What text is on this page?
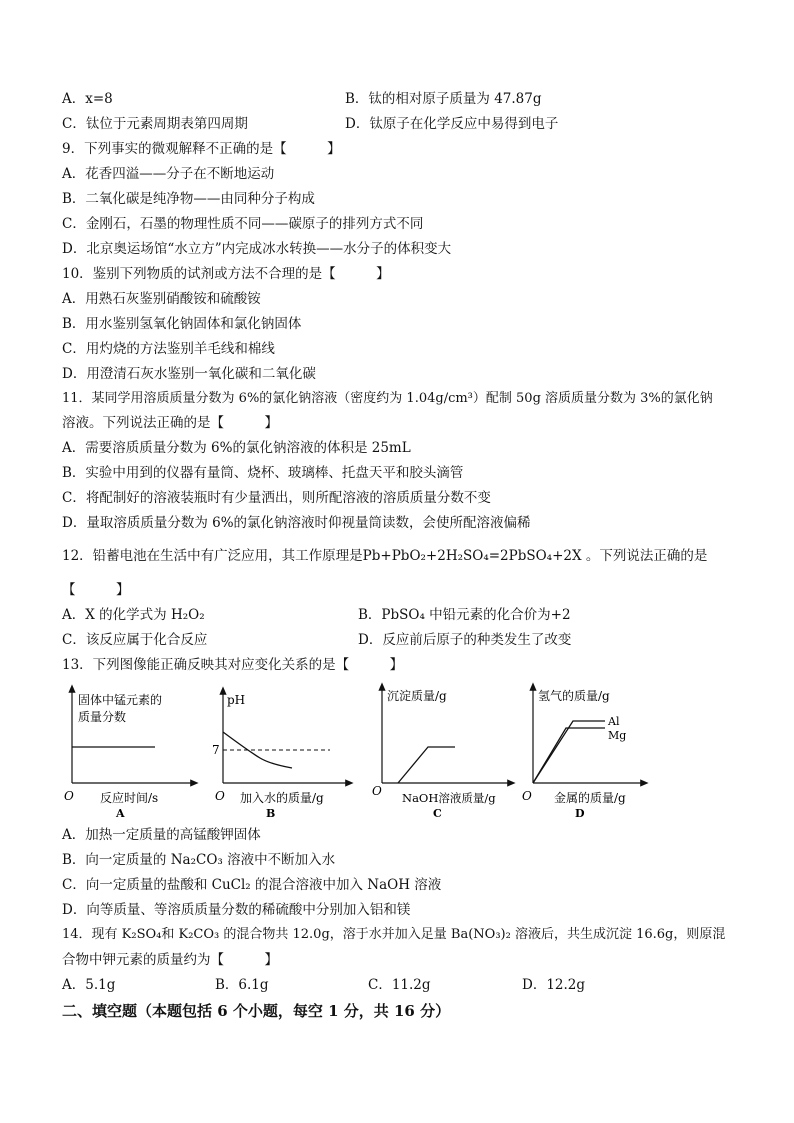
A．x=8	B．钛的相对原子质量为 47.87g
C．钛位于元素周期表第四周期	D．钛原子在化学反应中易得到电子
9．下列事实的微观解释不正确的是【　　　】
A．花香四溢——分子在不断地运动
B．二氧化碳是纯净物——由同种分子构成
C．金刚石，石墨的物理性质不同——碳原子的排列方式不同
D．北京奥运场馆“水立方”内完成冰水转换——水分子的体积变大
10．鉴别下列物质的试剂或方法不合理的是【　　　】
A．用熟石灰鉴别硝酸铵和硫酸铵
B．用水鉴别氢氧化钠固体和氯化钠固体
C．用灼烧的方法鉴别羊毛线和棉线
D．用澄清石灰水鉴别一氧化碳和二氧化碳
11．某同学用溶质质量分数为 6%的氯化钠溶液（密度约为 1.04g/cm³）配制 50g 溶质质量分数为 3%的氯化钠
溶液。下列说法正确的是【　　　】
A．需要溶质质量分数为 6%的氯化钠溶液的体积是 25mL
B．实验中用到的仪器有量筒、烧杯、玻璃棒、托盘天平和胶头滴管
C．将配制好的溶液装瓶时有少量洒出，则所配溶液的溶质质量分数不变
D．量取溶质质量分数为 6%的氯化钠溶液时仰视量筒读数，会使所配溶液偏稀
12．铅蓄电池在生活中有广泛应用，其工作原理是Pb+PbO₂+2H₂SO₄=2PbSO₄+2X 。下列说法正确的是
【　　　】
A．X 的化学式为 H₂O₂	B．PbSO₄ 中铅元素的化合价为+2
C．该反应属于化合反应	D．反应前后原子的种类发生了改变
13．下列图像能正确反映其对应变化关系的是【　　　】
固体中锰元素的
质量分数
O 反应时间/s
A
pH
7
O 加入水的质量/g
B
沉淀质量/g
O NaOH溶液质量/g
C
氢气的质量/g
Al
Mg
O 金属的质量/g
D
A．加热一定质量的高锰酸钾固体
B．向一定质量的 Na₂CO₃ 溶液中不断加入水
C．向一定质量的盐酸和 CuCl₂ 的混合溶液中加入 NaOH 溶液
D．向等质量、等溶质质量分数的稀硫酸中分别加入铝和镁
14．现有 K₂SO₄和 K₂CO₃ 的混合物共 12.0g，溶于水并加入足量 Ba(NO₃)₂ 溶液后，共生成沉淀 16.6g，则原混
合物中钾元素的质量约为【　　　】
A．5.1g	B．6.1g	C．11.2g	D．12.2g
二、填空题（本题包括 6 个小题，每空 1 分，共 16 分）
